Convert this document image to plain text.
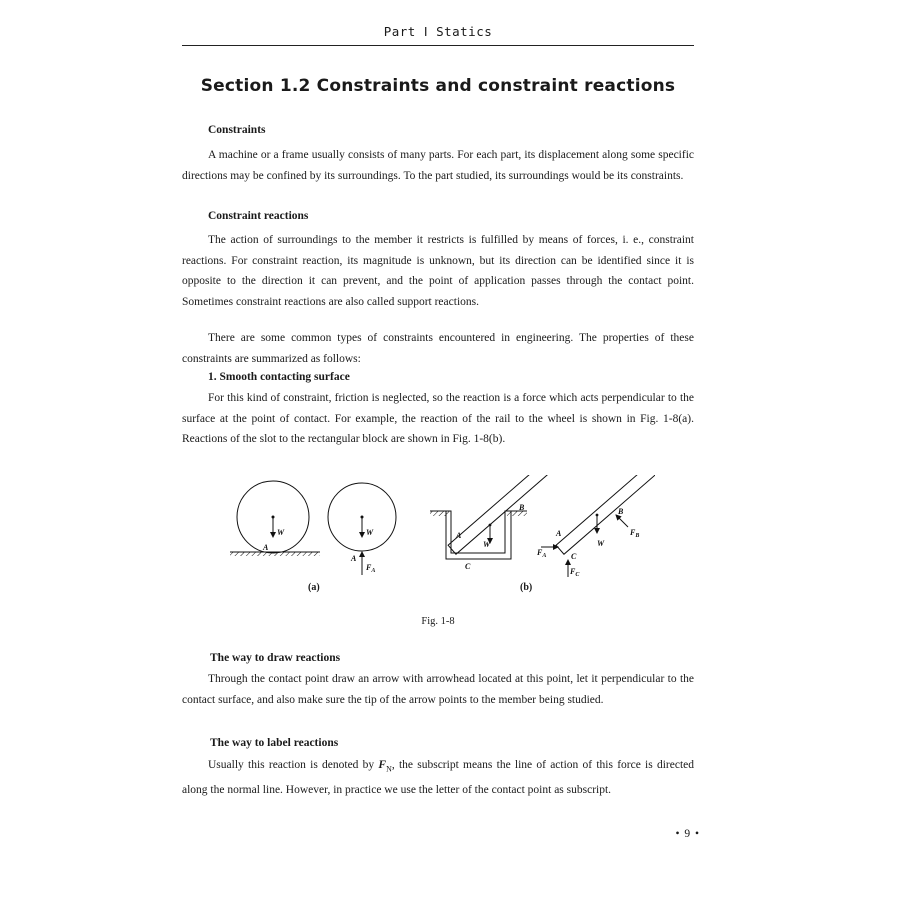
Part Ⅰ Statics
Section 1.2 Constraints and constraint reactions
Constraints

A machine or a frame usually consists of many parts. For each part, its displacement along some specific directions may be confined by its surroundings. To the part studied, its surroundings would be its constraints.

Constraint reactions

The action of surroundings to the member it restricts is fulfilled by means of forces, i. e., constraint reactions. For constraint reaction, its magnitude is unknown, but its direction can be identified since it is opposite to the direction it can prevent, and the point of application passes through the contact point. Sometimes constraint reactions are also called support reactions.

There are some common types of constraints encountered in engineering. The properties of these constraints are summarized as follows:

1. Smooth contacting surface

For this kind of constraint, friction is neglected, so the reaction is a force which acts perpendicular to the surface at the point of contact. For example, the reaction of the rail to the wheel is shown in Fig. 1-8(a). Reactions of the slot to the rectangular block are shown in Fig. 1-8(b).

W
A
W
A
$F_A$
W
A
B
C
W
A
$F_A$	C
$F_C$
B
$F_B$
(a)	(b)
Fig. 1-8
The way to draw reactions

Through the contact point draw an arrow with arrowhead located at this point, let it perpendicular to the contact surface, and also make sure the tip of the arrow points to the member being studied.

The way to label reactions

Usually this reaction is denoted by $F_N$, the subscript means the line of action of this force is directed along the normal line. However, in practice we use the letter of the contact point as subscript.

• 9 •
